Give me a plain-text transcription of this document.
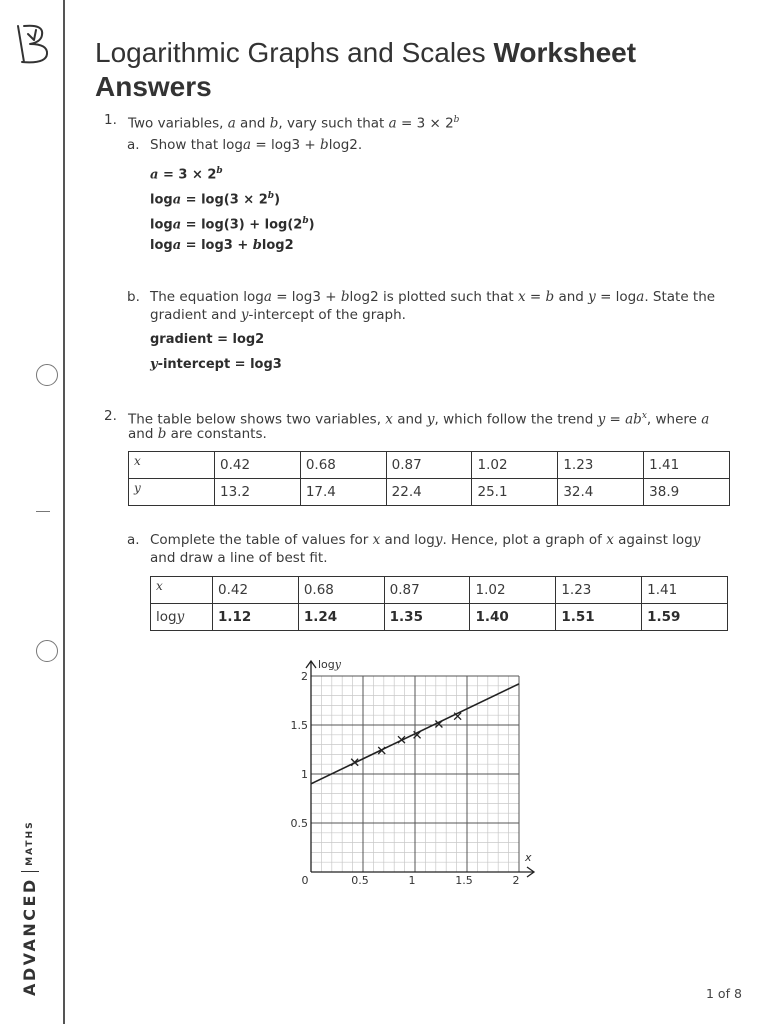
ADVANCED
MATHS
Logarithmic Graphs and Scales Worksheet
Answers
1. Two variables, a and b, vary such that $a = 3 \times 2^b$
a. Show that loga = log3 + blog2.
$a = 3 \times 2^b$
$\log a = \log(3 \times 2^b)$
$\log a = \log(3) + \log(2^b)$
loga = log3 + blog2
b. The equation loga = log3 + blog2 is plotted such that x = b and y = loga. State the
gradient and y-intercept of the graph.
gradient = log2
y-intercept = log3
2. The table below shows two variables, x and y, which follow the trend $y = ab^x$, where a
and b are constants.
x	0.42	0.68	0.87	1.02	1.23	1.41
y	13.2	17.4	22.4	25.1	32.4	38.9
a. Complete the table of values for x and logy. Hence, plot a graph of x against logy
and draw a line of best fit.
x	0.42	0.68	0.87	1.02	1.23	1.41
logy	1.12	1.24	1.35	1.40	1.51	1.59
x
logy
0	0.5	1	1.5	2
0.5
1
1.5
2
1 of 8
